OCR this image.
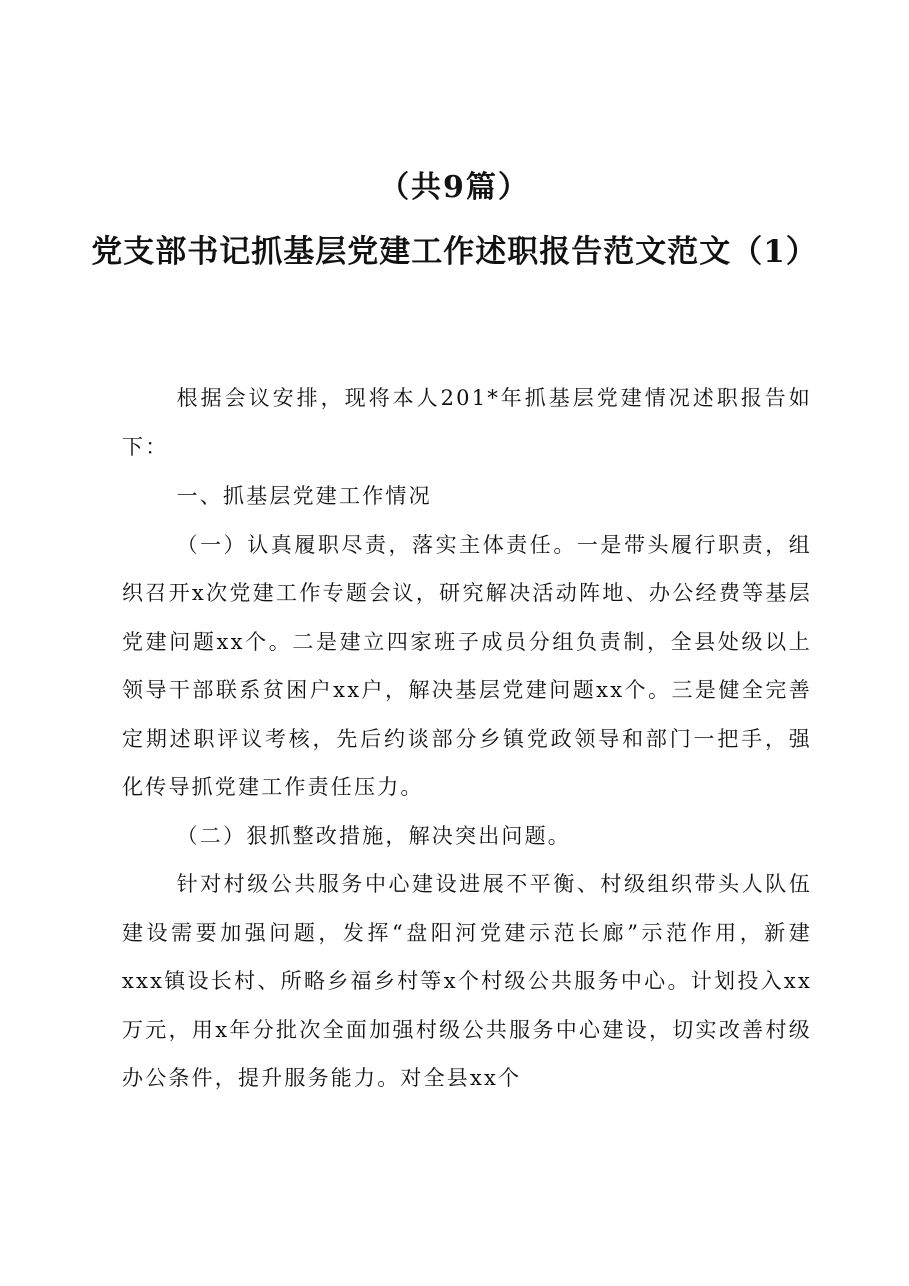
（共9篇）
党支部书记抓基层党建工作述职报告范文范文（1）

根据会议安排，现将本人201*年抓基层党建情况述职报告如下：

一、抓基层党建工作情况

（一）认真履职尽责，落实主体责任。一是带头履行职责，组织召开x次党建工作专题会议，研究解决活动阵地、办公经费等基层党建问题xx个。二是建立四家班子成员分组负责制，全县处级以上领导干部联系贫困户xx户，解决基层党建问题xx个。三是健全完善定期述职评议考核，先后约谈部分乡镇党政领导和部门一把手，强化传导抓党建工作责任压力。

（二）狠抓整改措施，解决突出问题。

针对村级公共服务中心建设进展不平衡、村级组织带头人队伍建设需要加强问题，发挥“盘阳河党建示范长廊”示范作用，新建xxx镇设长村、所略乡福乡村等x个村级公共服务中心。计划投入xx万元，用x年分批次全面加强村级公共服务中心建设，切实改善村级办公条件，提升服务能力。对全县xx个
